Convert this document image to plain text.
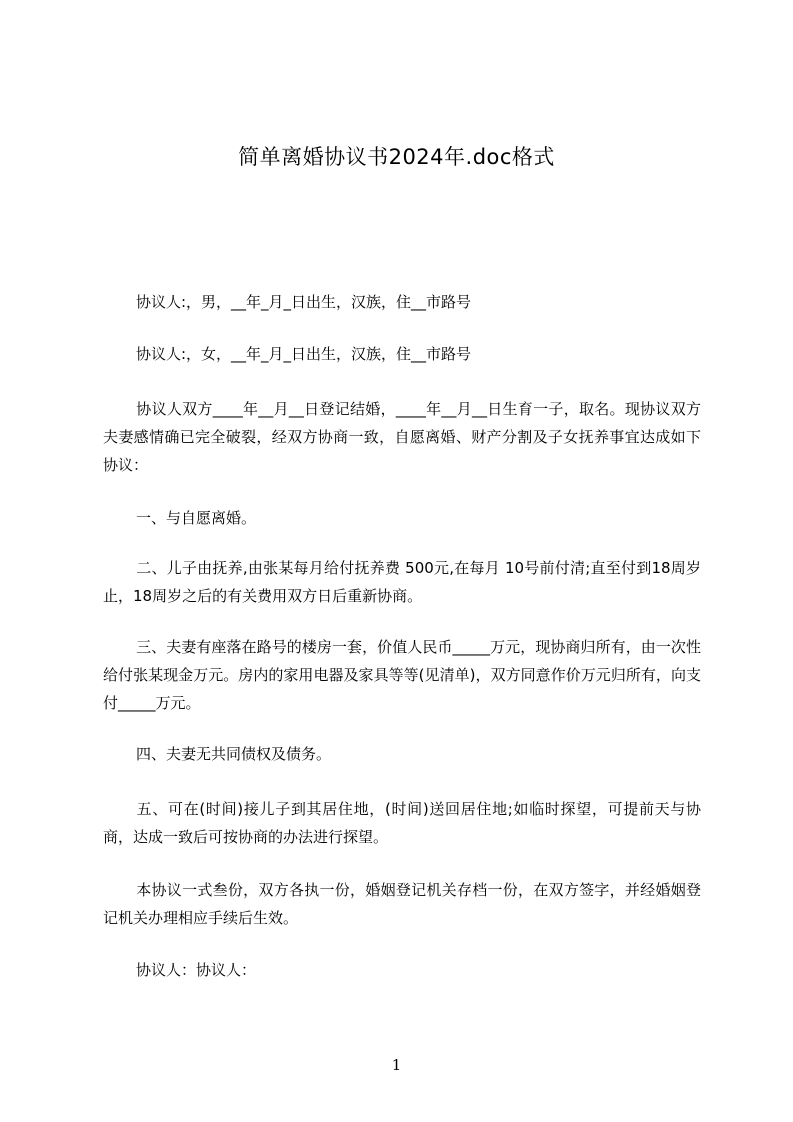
简单离婚协议书2024年.doc格式
协议人:，男，__年_月_日出生，汉族，住__市路号
协议人:，女，__年_月_日出生，汉族，住__市路号
协议人双方____年__月__日登记结婚，____年__月__日生育一子，取名。现协议双方夫妻感情确已完全破裂，经双方协商一致，自愿离婚、财产分割及子女抚养事宜达成如下协议：
一、与自愿离婚。
二、儿子由抚养,由张某每月给付抚养费 500元,在每月 10号前付清;直至付到18周岁止，18周岁之后的有关费用双方日后重新协商。
三、夫妻有座落在路号的楼房一套，价值人民币_____万元，现协商归所有，由一次性给付张某现金万元。房内的家用电器及家具等等(见清单)，双方同意作价万元归所有，向支付_____万元。
四、夫妻无共同债权及债务。
五、可在(时间)接儿子到其居住地，(时间)送回居住地;如临时探望，可提前天与协商，达成一致后可按协商的办法进行探望。
本协议一式叁份，双方各执一份，婚姻登记机关存档一份，在双方签字，并经婚姻登记机关办理相应手续后生效。
协议人：协议人：
1
